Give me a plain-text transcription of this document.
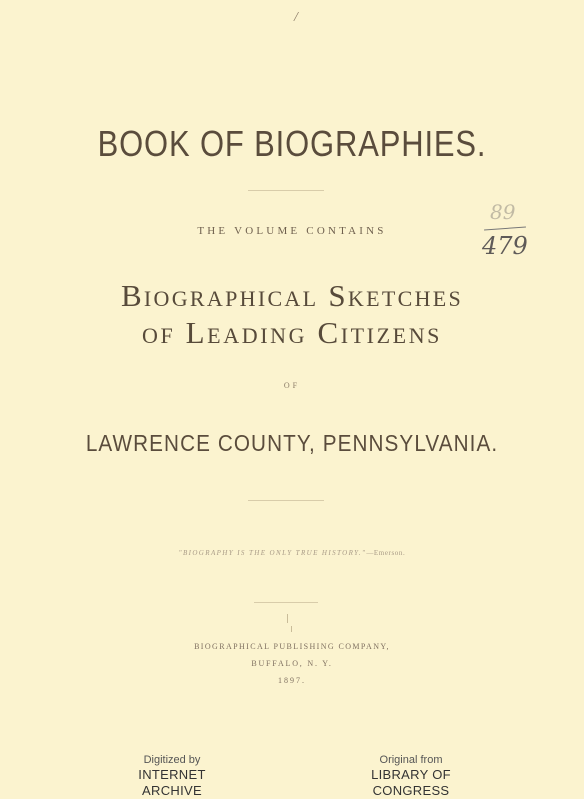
/
BOOK OF BIOGRAPHIES.
THE VOLUME CONTAINS
Biographical Sketches
of Leading Citizens
OF
LAWRENCE COUNTY, PENNSYLVANIA.
"BIOGRAPHY IS THE ONLY TRUE HISTORY."—Emerson.
BIOGRAPHICAL PUBLISHING COMPANY,
BUFFALO, N. Y.
1897.
89
479
Digitized by
INTERNET ARCHIVE
Original from
LIBRARY OF CONGRESS
